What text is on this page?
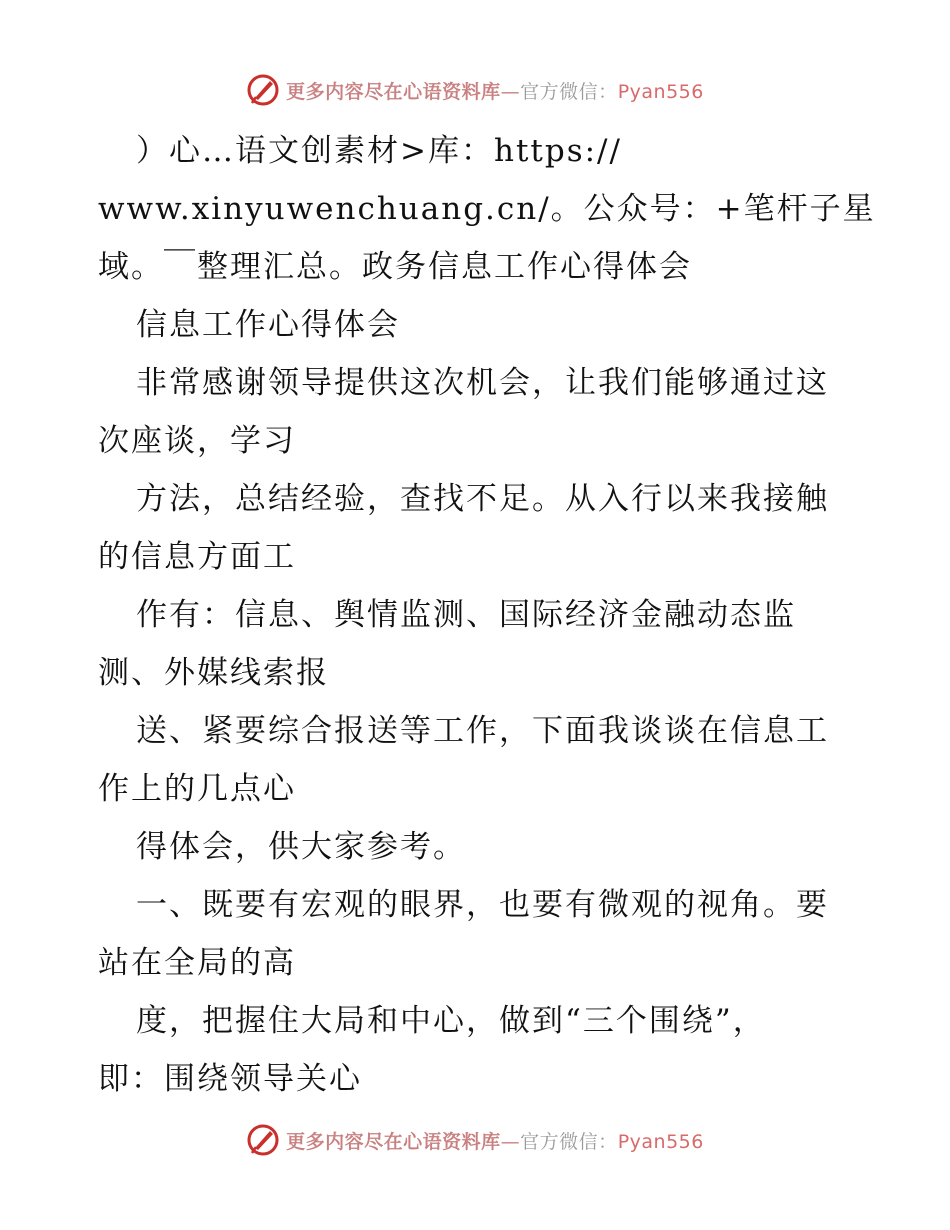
更多内容尽在心语资料库—官方微信：Pyan556
）心…语文创素材>库：https://
www.xinyuwenchuang.cn/。公众号：+笔杆子星
域。￣整理汇总。政务信息工作心得体会
信息工作心得体会
非常感谢领导提供这次机会，让我们能够通过这
次座谈，学习
方法，总结经验，查找不足。从入行以来我接触
的信息方面工
作有：信息、舆情监测、国际经济金融动态监
测、外媒线索报
送、紧要综合报送等工作，下面我谈谈在信息工
作上的几点心
得体会，供大家参考。
一、既要有宏观的眼界，也要有微观的视角。要
站在全局的高
度，把握住大局和中心，做到“三个围绕”，
即：围绕领导关心
更多内容尽在心语资料库—官方微信：Pyan556
